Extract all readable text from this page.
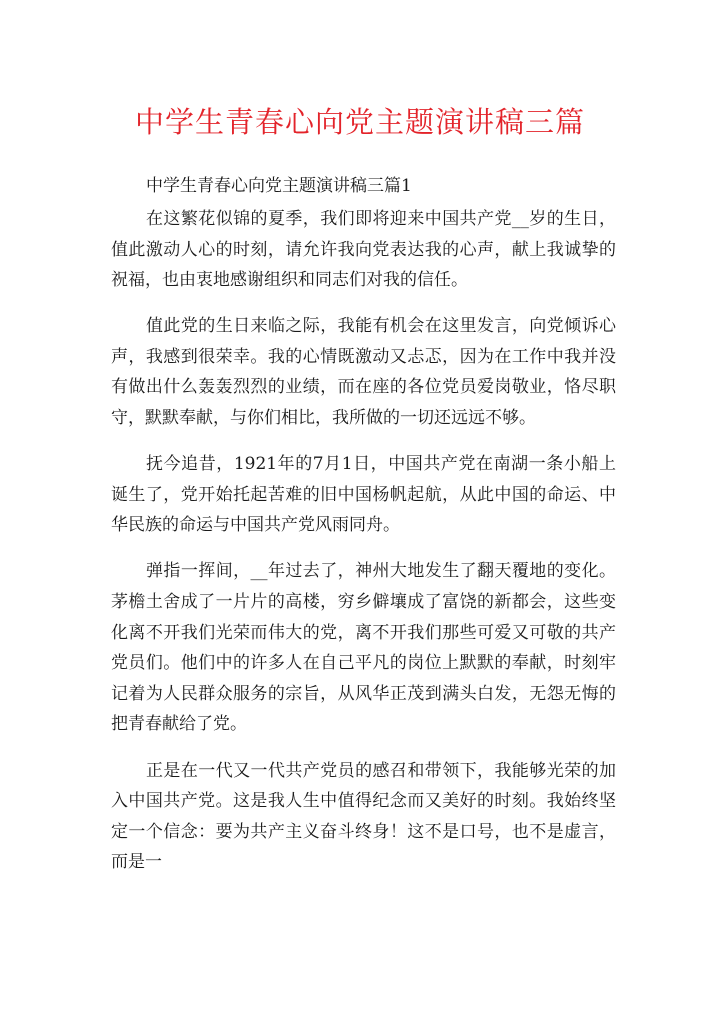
中学生青春心向党主题演讲稿三篇

中学生青春心向党主题演讲稿三篇1

在这繁花似锦的夏季，我们即将迎来中国共产党__岁的生日，值此激动人心的时刻，请允许我向党表达我的心声，献上我诚挚的祝福，也由衷地感谢组织和同志们对我的信任。

值此党的生日来临之际，我能有机会在这里发言，向党倾诉心声，我感到很荣幸。我的心情既激动又忐忑，因为在工作中我并没有做出什么轰轰烈烈的业绩，而在座的各位党员爱岗敬业，恪尽职守，默默奉献，与你们相比，我所做的一切还远远不够。

抚今追昔，1921年的7月1日，中国共产党在南湖一条小船上诞生了，党开始托起苦难的旧中国杨帆起航，从此中国的命运、中华民族的命运与中国共产党风雨同舟。

弹指一挥间，__年过去了，神州大地发生了翻天覆地的变化。茅檐土舍成了一片片的高楼，穷乡僻壤成了富饶的新都会，这些变化离不开我们光荣而伟大的党，离不开我们那些可爱又可敬的共产党员们。他们中的许多人在自己平凡的岗位上默默的奉献，时刻牢记着为人民群众服务的宗旨，从风华正茂到满头白发，无怨无悔的把青春献给了党。

正是在一代又一代共产党员的感召和带领下，我能够光荣的加入中国共产党。这是我人生中值得纪念而又美好的时刻。我始终坚定一个信念：要为共产主义奋斗终身！这不是口号，也不是虚言，而是一
